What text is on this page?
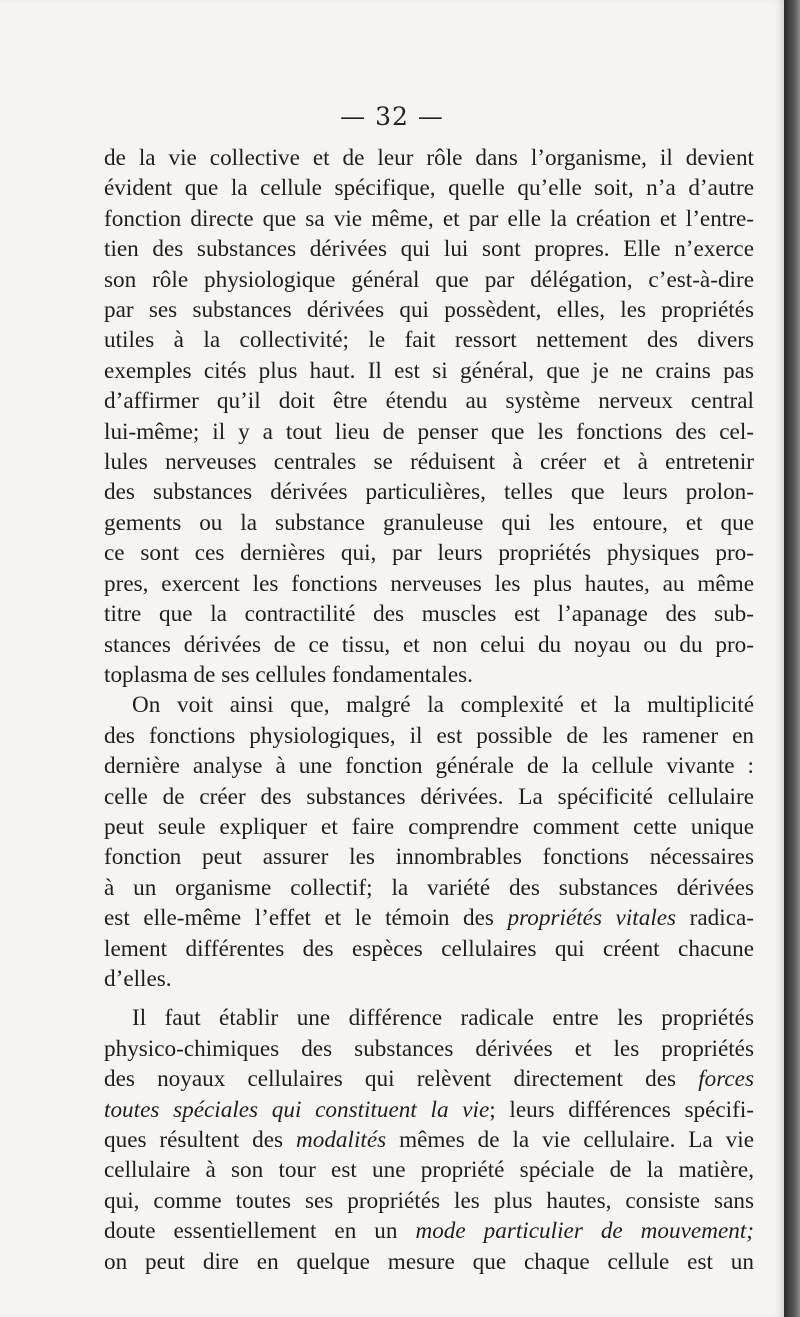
— 32 —

de la vie collective et de leur rôle dans l’organisme, il devient
évident que la cellule spécifique, quelle qu’elle soit, n’a d’autre
fonction directe que sa vie même, et par elle la création et l’entre-
tien des substances dérivées qui lui sont propres. Elle n’exerce
son rôle physiologique général que par délégation, c’est-à-dire
par ses substances dérivées qui possèdent, elles, les propriétés
utiles à la collectivité; le fait ressort nettement des divers
exemples cités plus haut. Il est si général, que je ne crains pas
d’affirmer qu’il doit être étendu au système nerveux central
lui-même; il y a tout lieu de penser que les fonctions des cel-
lules nerveuses centrales se réduisent à créer et à entretenir
des substances dérivées particulières, telles que leurs prolon-
gements ou la substance granuleuse qui les entoure, et que
ce sont ces dernières qui, par leurs propriétés physiques pro-
pres, exercent les fonctions nerveuses les plus hautes, au même
titre que la contractilité des muscles est l’apanage des sub-
stances dérivées de ce tissu, et non celui du noyau ou du pro-
toplasma de ses cellules fondamentales.

On voit ainsi que, malgré la complexité et la multiplicité
des fonctions physiologiques, il est possible de les ramener en
dernière analyse à une fonction générale de la cellule vivante :
celle de créer des substances dérivées. La spécificité cellulaire
peut seule expliquer et faire comprendre comment cette unique
fonction peut assurer les innombrables fonctions nécessaires
à un organisme collectif; la variété des substances dérivées
est elle-même l’effet et le témoin des propriétés vitales radica-
lement différentes des espèces cellulaires qui créent chacune
d’elles.

Il faut établir une différence radicale entre les propriétés
physico-chimiques des substances dérivées et les propriétés
des noyaux cellulaires qui relèvent directement des forces
toutes spéciales qui constituent la vie; leurs différences spécifi-
ques résultent des modalités mêmes de la vie cellulaire. La vie
cellulaire à son tour est une propriété spéciale de la matière,
qui, comme toutes ses propriétés les plus hautes, consiste sans
doute essentiellement en un mode particulier de mouvement;
on peut dire en quelque mesure que chaque cellule est un
